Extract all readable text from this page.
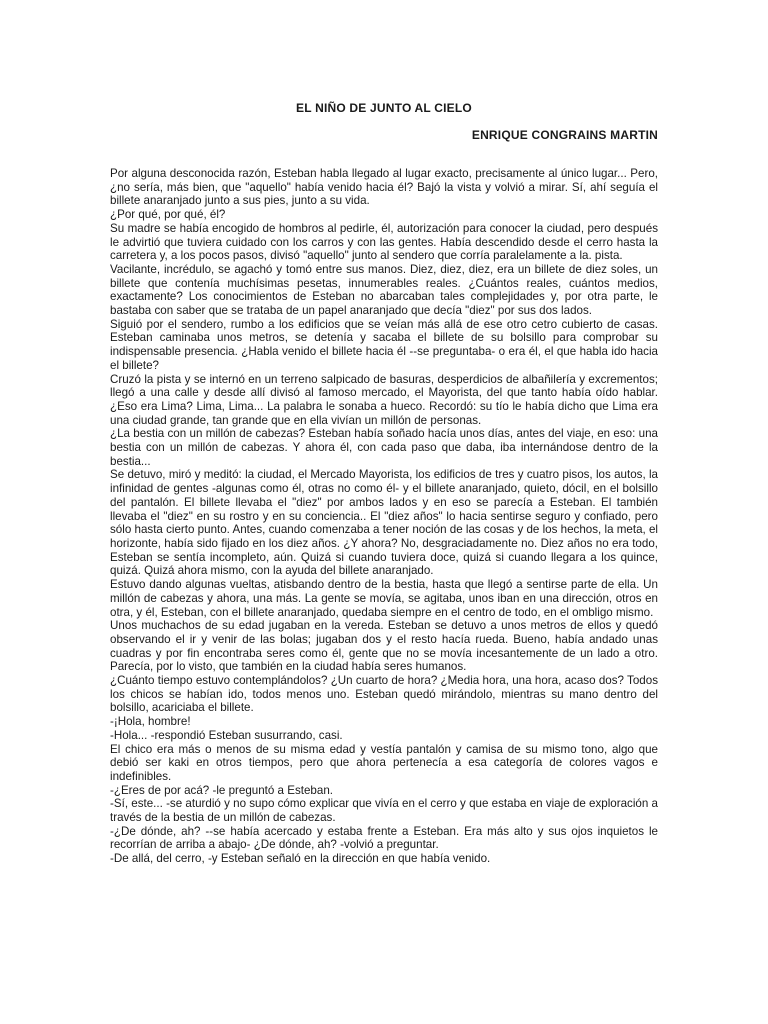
EL NIÑO DE JUNTO AL CIELO
ENRIQUE CONGRAINS MARTIN

Por alguna desconocida razón, Esteban habla llegado al lugar exacto, precisamente al único lugar... Pero, ¿no sería, más bien, que "aquello" había venido hacia él? Bajó la vista y volvió a mirar. Sí, ahí seguía el billete anaranjado junto a sus pies, junto a su vida.

¿Por qué, por qué, él?

Su madre se había encogido de hombros al pedirle, él, autorización para conocer la ciudad, pero después le advirtió que tuviera cuidado con los carros y con las gentes. Había descendido desde el cerro hasta la carretera y, a los pocos pasos, divisó "aquello" junto al sendero que corría paralelamente a la. pista.

Vacilante, incrédulo, se agachó y tomó entre sus manos. Diez, diez, diez, era un billete de diez soles, un billete que contenía muchísimas pesetas, innumerables reales. ¿Cuántos reales, cuántos medios, exactamente? Los conocimientos de Esteban no abarcaban tales complejidades y, por otra parte, le bastaba con saber que se trataba de un papel anaranjado que decía "diez" por sus dos lados.

Siguió por el sendero, rumbo a los edificios que se veían más allá de ese otro cetro cubierto de casas. Esteban caminaba unos metros, se detenía y sacaba el billete de su bolsillo para comprobar su indispensable presencia. ¿Habla venido el billete hacia él --se preguntaba- o era él, el que habla ido hacia el billete?

Cruzó la pista y se internó en un terreno salpicado de basuras, desperdicios de albañilería y excrementos; llegó a una calle y desde allí divisó al famoso mercado, el Mayorista, del que tanto había oído hablar. ¿Eso era Lima? Lima, Lima... La palabra le sonaba a hueco. Recordó: su tío le había dicho que Lima era una ciudad grande, tan grande que en ella vivían un millón de personas.

¿La bestia con un millón de cabezas? Esteban había soñado hacía unos días, antes del viaje, en eso: una bestia con un millón de cabezas. Y ahora él, con cada paso que daba, iba internándose dentro de la bestia...

Se detuvo, miró y meditó: la ciudad, el Mercado Mayorista, los edificios de tres y cuatro pisos, los autos, la infinidad de gentes -algunas como él, otras no como él- y el billete anaranjado, quieto, dócil, en el bolsillo del pantalón. El billete llevaba el "diez" por ambos lados y en eso se parecía a Esteban. El también llevaba el "diez" en su rostro y en su conciencia.. El "diez años" lo hacia sentirse seguro y confiado, pero sólo hasta cierto punto. Antes, cuando comenzaba a tener noción de las cosas y de los hechos, la meta, el horizonte, había sido fijado en los diez años. ¿Y ahora? No, desgraciadamente no. Diez años no era todo, Esteban se sentía incompleto, aún. Quizá si cuando tuviera doce, quizá si cuando llegara a los quince, quizá. Quizá ahora mismo, con la ayuda del billete anaranjado.

Estuvo dando algunas vueltas, atisbando dentro de la bestia, hasta que llegó a sentirse parte de ella. Un millón de cabezas y ahora, una más. La gente se movía, se agitaba, unos iban en una dirección, otros en otra, y él, Esteban, con el billete anaranjado, quedaba siempre en el centro de todo, en el ombligo mismo.

Unos muchachos de su edad jugaban en la vereda. Esteban se detuvo a unos metros de ellos y quedó observando el ir y venir de las bolas; jugaban dos y el resto hacía rueda. Bueno, había andado unas cuadras y por fin encontraba seres como él, gente que no se movía incesantemente de un lado a otro. Parecía, por lo visto, que también en la ciudad había seres humanos.

¿Cuánto tiempo estuvo contemplándolos? ¿Un cuarto de hora? ¿Media hora, una hora, acaso dos? Todos los chicos se habían ido, todos menos uno. Esteban quedó mirándolo, mientras su mano dentro del bolsillo, acariciaba el billete.

-¡Hola, hombre!

-Hola... -respondió Esteban susurrando, casi.

El chico era más o menos de su misma edad y vestía pantalón y camisa de su mismo tono, algo que debió ser kaki en otros tiempos, pero que ahora pertenecía a esa categoría de colores vagos e indefinibles.

-¿Eres de por acá? -le preguntó a Esteban.

-Sí, este... -se aturdió y no supo cómo explicar que vivía en el cerro y que estaba en viaje de exploración a través de la bestia de un millón de cabezas.

-¿De dónde, ah? --se había acercado y estaba frente a Esteban. Era más alto y sus ojos inquietos le recorrían de arriba a abajo- ¿De dónde, ah? -volvió a preguntar.

-De allá, del cerro, -y Esteban señaló en la dirección en que había venido.
